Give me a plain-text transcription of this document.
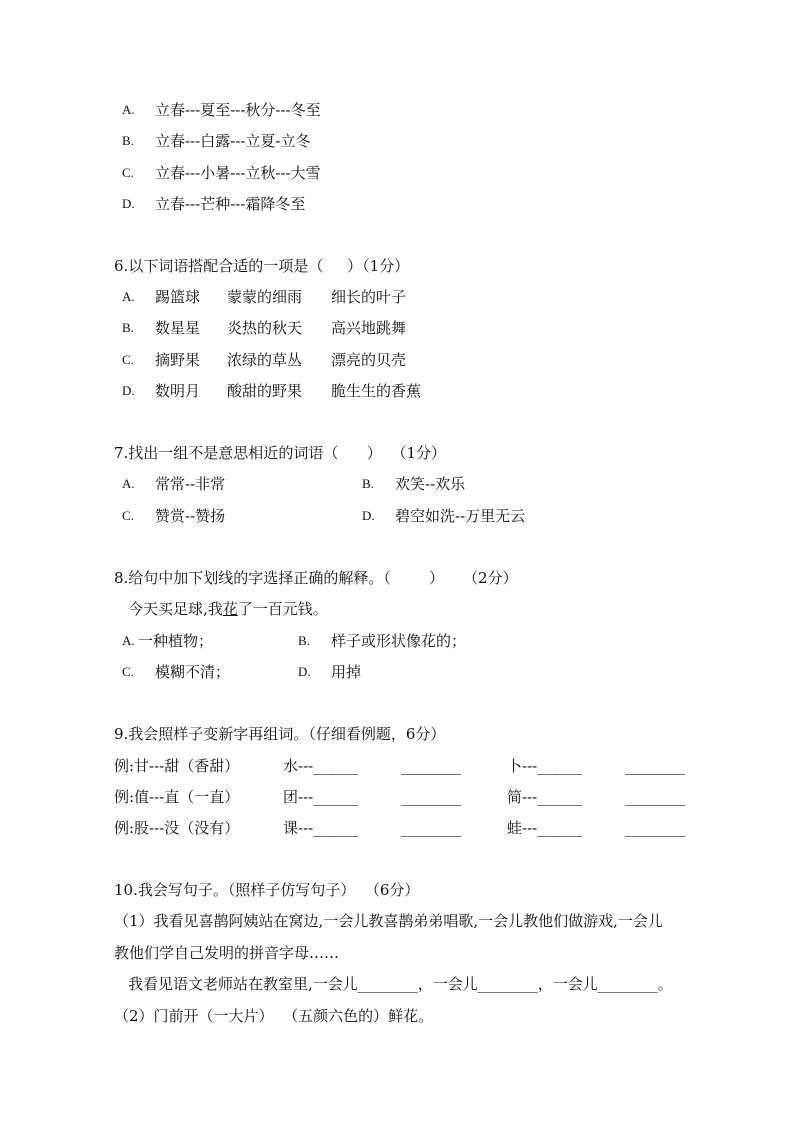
A. 立春---夏至---秋分---冬至
B. 立春---白露---立夏-立冬
C. 立春---小暑---立秋---大雪
D. 立春---芒种---霜降冬至
6.以下词语搭配合适的一项是（     ）（1分）
A. 踢篮球 蒙蒙的细雨 细长的叶子
B. 数星星 炎热的秋天 高兴地跳舞
C. 摘野果 浓绿的草丛 漂亮的贝壳
D. 数明月 酸甜的野果 脆生生的香蕉
7.找出一组不是意思相近的词语（      ）  （1分）
A. 常常--非常	B. 欢笑--欢乐
C. 赞赏--赞扬	D. 碧空如洗--万里无云
8.给句中加下划线的字选择正确的解释。（        ）    （2分）
今天买足球,我花了一百元钱。
A. 一种植物；	B. 样子或形状像花的；
C. 模糊不清；	D. 用掉
9.我会照样子变新字再组词。（仔细看例题，6分）
例:甘---甜（香甜）	水---______	________	卜---______	________
例:值---直（一直）	团---______	________	简---______	________
例:股---没（没有）	课---______	________	蛙---______	________
10.我会写句子。（照样子仿写句子）  （6分）
（1）我看见喜鹊阿姨站在窝边,一会儿教喜鹊弟弟唱歌,一会儿教他们做游戏,一会儿
教他们学自己发明的拼音字母……
我看见语文老师站在教室里,一会儿________，一会儿________，一会儿________。
（2）门前开（一大片）  （五颜六色的）鲜花。
